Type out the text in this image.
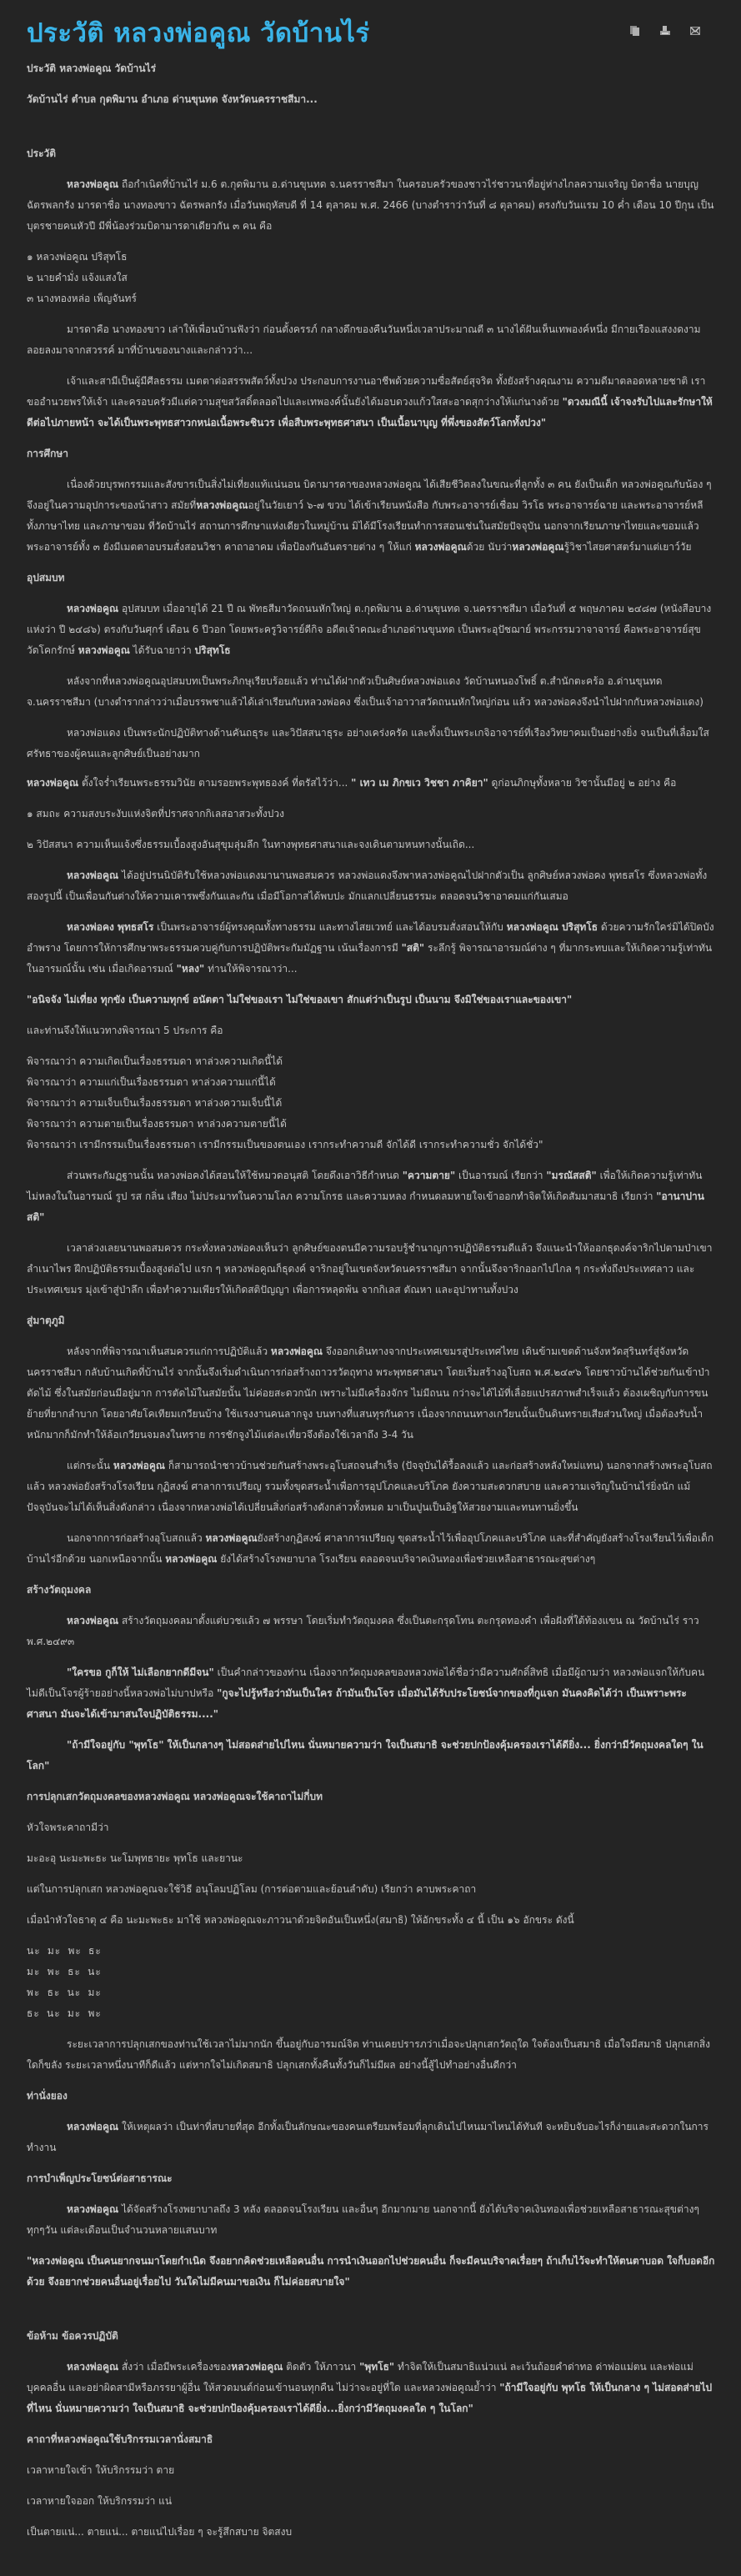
ประวัติ หลวงพ่อคูณ วัดบ้านไร่

ประวัติ หลวงพ่อคูณ วัดบ้านไร่

วัดบ้านไร่ ตำบล กุดพิมาน อำเภอ ด่านขุนทด จังหวัดนครราชสีมา...

ประวัติ

หลวงพ่อคูณ ถือกำเนิดที่บ้านไร่ ม.6 ต.กุดพิมาน อ.ด่านขุนทด จ.นครราชสีมา ในครอบครัวของชาวไร่ชาวนาที่อยู่ห่างไกลความเจริญ บิดาชื่อ นายบุญ ฉัตรพลกรัง มารดาชื่อ นางทองขาว ฉัตรพลกรัง เมื่อวันพฤหัสบดี ที่ 14 ตุลาคม พ.ศ. 2466 (บางตำราว่าวันที่ ๘ ตุลาคม) ตรงกับวันแรม 10 ค่ำ เดือน 10 ปีกุน เป็นบุตรชายคนหัวปี มีพี่น้องร่วมบิดามารดาเดียวกัน ๓ คน คือ

๑ หลวงพ่อคูณ ปริสุทโธ

๒ นายคำมั่ง แจ้งแสงใส

๓ นางทองหล่อ เพ็ญจันทร์

มารดาคือ นางทองขาว เล่าให้เพื่อนบ้านฟังว่า ก่อนตั้งครรภ์ กลางดึกของคืนวันหนึ่งเวลาประมาณตี ๓ นางได้ฝันเห็นเทพองค์หนึ่ง มีกายเรืองแสงงดงาม ลอยลงมาจากสวรรค์ มาที่บ้านของนางและกล่าวว่า...

เจ้าและสามีเป็นผู้มีศีลธรรม เมตตาต่อสรรพสัตว์ทั้งปวง ประกอบการงานอาชีพด้วยความซื่อสัตย์สุจริต ทั้งยังสร้างคุณงาม ความดีมาตลอดหลายชาติ เราขออำนวยพรให้เจ้า และครอบครัวมีแต่ความสุขสวัสดิ์ตลอดไปและเทพองค์นั้นยังได้มอบดวงแก้วใสสะอาดสุกว่างให้แก่นางด้วย "ดวงมณีนี้ เจ้าจงรับไปและรักษาให้ดีต่อไปภายหน้า จะได้เป็นพระพุทธสาวกหน่อเนื้อพระชินวร เพื่อสืบพระพุทธศาสนา เป็นเนื้อนาบุญ ที่พึ่งของสัตว์โลกทั้งปวง"

การศึกษา

เนื่องด้วยบุรพกรรมและสังขารเป็นสิ่งไม่เที่ยงแท้แน่นอน บิดามารดาของหลวงพ่อคูณ ได้เสียชีวิตลงในขณะที่ลูกทั้ง ๓ คน ยังเป็นเด็ก หลวงพ่อคูณกับน้อง ๆ จึงอยู่ในความอุปการะของน้าสาว สมัยที่หลวงพ่อคูณอยู่ในวัยเยาว์ ๖-๗ ขวบ ได้เข้าเรียนหนังสือ กับพระอาจารย์เชื่อม วิรโธ พระอาจารย์ฉาย และพระอาจารย์หลี ทั้งภาษาไทย และภาษาขอม ที่วัดบ้านไร่ สถานการศึกษาแห่งเดียวในหมู่บ้าน มิได้มีโรงเรียนทำการสอนเช่นในสมัยปัจจุบัน นอกจากเรียนภาษาไทยและขอมแล้ว พระอาจารย์ทั้ง ๓ ยังมีเมตตาอบรมสั่งสอนวิชา คาถาอาคม เพื่อป้องกันอันตรายต่าง ๆ ให้แก่ หลวงพ่อคูณด้วย นับว่าหลวงพ่อคูณรู้วิชาไสยศาสตร์มาแต่เยาว์วัย

อุปสมบท

หลวงพ่อคูณ อุปสมบท เมื่ออายุได้ 21 ปี ณ พัทธสีมาวัดถนนหักใหญ่ ต.กุดพิมาน อ.ด่านขุนทด จ.นครราชสีมา เมื่อวันที่ ๕ พฤษภาคม ๒๔๘๗ (หนังสือบางแห่งว่า ปี ๒๔๘๖) ตรงกับวันศุกร์ เดือน 6 ปีวอก โดยพระครูวิจารย์ดีกิจ อดีตเจ้าคณะอำเภอด่านขุนทด เป็นพระอุปัชฌาย์ พระกรรมวาจาจารย์ คือพระอาจารย์สุข วัดโคกรักษ์ หลวงพ่อคูณ ได้รับฉายาว่า ปริสุทโธ

หลังจากที่หลวงพ่อคูณอุปสมบทเป็นพระภิกษุเรียบร้อยแล้ว ท่านได้ฝากตัวเป็นศิษย์หลวงพ่อแดง วัดบ้านหนองโพธิ์ ต.สำนักตะคร้อ อ.ด่านขุนทด จ.นครราชสีมา (บางตำรากล่าวว่าเมื่อบรรพชาแล้วได้เล่าเรียนกับหลวงพ่อคง ซึ่งเป็นเจ้าอาวาสวัดถนนหักใหญ่ก่อน แล้ว หลวงพ่อคงจึงนำไปฝากกับหลวงพ่อแดง)

หลวงพ่อแดง เป็นพระนักปฏิบัติทางด้านคันถธุระ และวิปัสสนาธุระ อย่างเคร่งครัด และทั้งเป็นพระเกจิอาจารย์ที่เรืองวิทยาคมเป็นอย่างยิ่ง จนเป็นที่เลื่อมใสศรัทธาของผู้คนและลูกศิษย์เป็นอย่างมาก

หลวงพ่อคูณ ตั้งใจร่ำเรียนพระธรรมวินัย ตามรอยพระพุทธองค์ ที่ตรัสไว้ว่า... " เทว เม ภิกขเว วิชชา ภาคิยา" ดูก่อนภิกษุทั้งหลาย วิชานั้นมีอยู่ ๒ อย่าง คือ

๑ สมถะ ความสงบระงับแห่งจิตที่ปราศจากกิเลสอาสวะทั้งปวง

๒ วิปัสสนา ความเห็นแจ้งซึ่งธรรมเบื้องสูงอันสุขุมลุ่มลึก ในทางพุทธศาสนาและจงเดินตามหนทางนั้นเถิด...

หลวงพ่อคูณ ได้อยู่ปรนนิบัติรับใช้หลวงพ่อแดงมานานพอสมควร หลวงพ่อแดงจึงพาหลวงพ่อคูณไปฝากตัวเป็น ลูกศิษย์หลวงพ่อคง พุทธสโร ซึ่งหลวงพ่อทั้งสองรูปนี้ เป็นเพื่อนกันต่างให้ความเคารพซึ่งกันและกัน เมื่อมีโอกาสได้พบปะ มักแลกเปลี่ยนธรรมะ ตลอดจนวิชาอาคมแก่กันเสมอ

หลวงพ่อคง พุทธสโร เป็นพระอาจารย์ผู้ทรงคุณทั้งทางธรรม และทางไสยเวทย์ และได้อบรมสั่งสอนให้กับ หลวงพ่อคูณ ปริสุทโธ ด้วยความรักใคร่มิได้ปิดบังอำพราง โดยการให้การศึกษาพระธรรมควบคู่กับการปฏิบัติพระกัมมัฏฐาน เน้นเรื่องการมี "สติ" ระลึกรู้ พิจารณาอารมณ์ต่าง ๆ ที่มากระทบและให้เกิดความรู้เท่าทัน ในอารมณ์นั้น เช่น เมื่อเกิดอารมณ์ "หลง" ท่านให้พิจารณาว่า...

"อนิจจัง ไม่เที่ยง ทุกขัง เป็นความทุกข์ อนัตตา ไม่ใช่ของเรา ไม่ใช่ของเขา สักแต่ว่าเป็นรูป เป็นนาม จึงมิใช่ของเราและของเขา"

และท่านจึงให้แนวทางพิจารณา 5 ประการ คือ

พิจารณาว่า ความเกิดเป็นเรื่องธรรมดา หาล่วงความเกิดนี้ได้

พิจารณาว่า ความแก่เป็นเรื่องธรรมดา หาล่วงความแก่นี้ได้

พิจารณาว่า ความเจ็บเป็นเรื่องธรรมดา หาล่วงความเจ็บนี้ได้

พิจารณาว่า ความตายเป็นเรื่องธรรมดา หาล่วงความตายนี้ได้

พิจารณาว่า เรามีกรรมเป็นเรื่องธรรมดา เรามีกรรมเป็นของตนเอง เรากระทำความดี จักได้ดี เรากระทำความชั่ว จักได้ชั่ว"

ส่วนพระกัมฏฐานนั้น หลวงพ่อคงได้สอนให้ใช้หมวดอนุสติ โดยดึงเอาวิธีกำหนด "ความตาย" เป็นอารมณ์ เรียกว่า "มรณัสสติ" เพื่อให้เกิดความรู้เท่าทัน ไม่หลงในในอารมณ์ รูป รส กลิ่น เสียง ไม่ประมาทในความโลภ ความโกรธ และความหลง กำหนดลมหายใจเข้าออกทำจิตให้เกิดสัมมาสมาธิ เรียกว่า "อานาปานสติ"

เวลาล่วงเลยนานพอสมควร กระทั่งหลวงพ่อคงเห็นว่า ลูกศิษย์ของตนมีความรอบรู้ชำนาญการปฏิบัติธรรมดีแล้ว จึงแนะนำให้ออกธุดงค์จาริกไปตามป่าเขาลำเนาไพร ฝึกปฏิบัติธรรมเบื้องสูงต่อไป แรก ๆ หลวงพ่อคูณก็ธุดงค์ จาริกอยู่ในเขตจังหวัดนครราชสีมา จากนั้นจึงจาริกออกไปไกล ๆ กระทั่งถึงประเทศลาว และประเทศเขมร มุ่งเข้าสู่ป่าลึก เพื่อทำความเพียรให้เกิดสติปัญญา เพื่อการหลุดพ้น จากกิเลส ตัณหา และอุปาทานทั้งปวง

สู่มาตุภูมิ

หลังจากที่พิจารณาเห็นสมควรแก่การปฏิบัติแล้ว หลวงพ่อคูณ จึงออกเดินทางจากประเทศเขมรสู่ประเทศไทย เดินข้ามเขตด้านจังหวัดสุรินทร์สู่จังหวัดนครราชสีมา กลับบ้านเกิดที่บ้านไร่ จากนั้นจึงเริ่มดำเนินการก่อสร้างถาวรวัตถุทาง พระพุทธศาสนา โดยเริ่มสร้างอุโบสถ พ.ศ.๒๔๙๖ โดยชาวบ้านได้ช่วยกันเข้าป่าตัดไม้ ซึ่งในสมัยก่อนมีอยู่มาก การตัดไม้ในสมัยนั้น ไม่ค่อยสะดวกนัก เพราะไม่มีเครื่องจักร ไม่มีถนน กว่าจะได้ไม้ที่เลื่อยแปรสภาพสำเร็จแล้ว ต้องเผชิญกับการขนย้ายที่ยากลำบาก โดยอาศัยโคเทียมเกวียนบ้าง ใช้แรงงานคนลากจูง บนทางที่แสนทุรกันดาร เนื่องจากถนนทางเกวียนนั้นเป็นดินทรายเสียส่วนใหญ่ เมื่อต้องรับน้ำหนักมากก็มักทำให้ล้อเกวียนจมลงในทราย การชักจูงไม้แต่ละเที่ยวจึงต้องใช้เวลาถึง 3-4 วัน

แต่กระนั้น หลวงพ่อคูณ ก็สามารถนำชาวบ้านช่วยกันสร้างพระอุโบสถจนสำเร็จ (ปัจจุบันได้รื้อลงแล้ว และก่อสร้างหลังใหม่แทน) นอกจากสร้างพระอุโบสถแล้ว หลวงพ่อยังสร้างโรงเรียน กุฏิสงฆ์ ศาลาการเปรียญ รวมทั้งขุดสระน้ำเพื่อการอุปโภคและบริโภค ยังความสะดวกสบาย และความเจริญในบ้านไร่ยิ่งนัก แม้ปัจจุบันจะไม่ได้เห็นสิ่งดังกล่าว เนื่องจากหลวงพ่อได้เปลี่ยนสิ่งก่อสร้างดังกล่าวทั้งหมด มาเป็นปูนเป็นอิฐให้สวยงามและทนทานยิ่งขึ้น

นอกจากการก่อสร้างอุโบสถแล้ว หลวงพ่อคูณยังสร้างกุฏิสงฆ์ ศาลาการเปรียญ ขุดสระน้ำไว้เพื่ออุปโภคและบริโภค และที่สำคัญยังสร้างโรงเรียนไว้เพื่อเด็กบ้านไร่อีกด้วย นอกเหนือจากนั้น หลวงพ่อคูณ ยังได้สร้างโรงพยาบาล โรงเรียน ตลอดจนบริจาคเงินทองเพื่อช่วยเหลือสาธารณะสุขต่างๆ

สร้างวัตถุมงคล

หลวงพ่อคูณ สร้างวัตถุมงคลมาตั้งแต่บวชแล้ว ๗ พรรษา โดยเริ่มทำวัตถุมงคล ซึ่งเป็นตะกรุดโทน ตะกรุดทองคำ เพื่อฝังที่ใต้ท้องแขน ณ วัดบ้านไร่ ราว พ.ศ.๒๔๙๓

"ใครขอ กูก็ให้ ไม่เลือกยากดีมีจน" เป็นคำกล่าวของท่าน เนื่องจากวัตถุมงคลของหลวงพ่อได้ชื่อว่ามีความศักดิ์สิทธิ เมื่อมีผู้ถามว่า หลวงพ่อแจกให้กับคนไม่ดีเป็นโจรผู้ร้ายอย่างนี้หลวงพ่อไม่บาปหรือ "กูจะไปรู้หรือว่ามันเป็นใคร ถ้ามันเป็นโจร เมื่อมันได้รับประโยชน์จากของที่กูแจก มันคงคิดได้ว่า เป็นเพราะพระศาสนา มันจะได้เข้ามาสนใจปฏิบัติธรรม...."

"ถ้ามีใจอยู่กับ "พุทโธ" ให้เป็นกลางๆ ไม่สอดส่ายไปไหน นั่นหมายความว่า ใจเป็นสมาธิ จะช่วยปกป้องคุ้มครองเราได้ดียิ่ง... ยิ่งกว่ามีวัตถุมงคลใดๆ ในโลก"

การปลุกเสกวัตถุมงคลของหลวงพ่อคูณ หลวงพ่อคูณจะใช้คาถาไม่กี่บท

หัวใจพระคาถามีว่า

มะอะอุ นะมะพะธะ นะโมพุทธายะ พุทโธ และยานะ

แต่ในการปลุกเสก หลวงพ่อคูณจะใช้วิธี อนุโลมปฏิโลม (การต่อตามและย้อนลำดับ) เรียกว่า คาบพระคาถา

เมื่อนำหัวใจธาตุ ๔ คือ นะมะพะธะ มาใช้ หลวงพ่อคูณจะภาวนาด้วยจิตอันเป็นหนึ่ง(สมาธิ) ให้อักขระทั้ง ๔ นี้ เป็น ๑๖ อักขระ ดังนี้

นะ มะ พะ ธะ

มะ พะ ธะ นะ

พะ ธะ นะ มะ

ธะ นะ มะ พะ

ระยะเวลาการปลุกเสกของท่านใช้เวลาไม่มากนัก ขึ้นอยู่กับอารมณ์จิต ท่านเคยปรารภว่าเมื่อจะปลุกเสกวัตถุใด ใจต้องเป็นสมาธิ เมื่อใจมีสมาธิ ปลุกเสกสิ่งใดก็ขลัง ระยะเวลาหนึ่งนาทีก็ดีแล้ว แต่หากใจไม่เกิดสมาธิ ปลุกเสกทั้งคืนทั้งวันก็ไม่มีผล อย่างนี้สู้ไปทำอย่างอื่นดีกว่า

ท่านั่งยอง

หลวงพ่อคูณ ให้เหตุผลว่า เป็นท่าที่สบายที่สุด อีกทั้งเป็นลักษณะของคนเตรียมพร้อมที่ลุกเดินไปไหนมาไหนได้ทันที จะหยิบจับอะไรก็ง่ายและสะดวกในการทำงาน

การบำเพ็ญประโยชน์ต่อสาธารณะ

หลวงพ่อคูณ ได้จัดสร้างโรงพยาบาลถึง 3 หลัง ตลอดจนโรงเรียน และอื่นๆ อีกมากมาย นอกจากนี้ ยังได้บริจาคเงินทองเพื่อช่วยเหลือสาธารณะสุขต่างๆ ทุกๆวัน แต่ละเดือนเป็นจำนวนหลายแสนบาท

"หลวงพ่อคูณ เป็นคนยากจนมาโดยกำเนิด จึงอยากคิดช่วยเหลือคนอื่น การนำเงินออกไปช่วยคนอื่น ก็จะมีคนบริจาคเรื่อยๆ ถ้าเก็บไว้จะทำให้ตนตาบอด ใจก็บอดอีกด้วย จึงอยากช่วยคนอื่นอยู่เรื่อยไป วันใดไม่มีคนมาขอเงิน ก็ไม่ค่อยสบายใจ"

ข้อห้าม ข้อควรปฏิบัติ

หลวงพ่อคูณ สั่งว่า เมื่อมีพระเครื่องของหลวงพ่อคูณ ติดตัว ให้ภาวนา "พุทโธ" ทำจิตให้เป็นสมาธิแน่วแน่ ละเว้นถ้อยคำด่าทอ ด่าพ่อแม่ตน และพ่อแม่บุคคลอื่น และอย่าผิดสามีหรือภรรยาผู้อื่น ให้สวดมนต์ก่อนเข้านอนทุกคืน ไม่ว่าจะอยู่ที่ใด และหลวงพ่อคูณย้ำว่า "ถ้ามีใจอยู่กับ พุทโธ ให้เป็นกลาง ๆ ไม่สอดส่ายไปที่ไหน นั่นหมายความว่า ใจเป็นสมาธิ จะช่วยปกป้องคุ้มครองเราได้ดียิ่ง...ยิ่งกว่ามีวัตถุมงคลใด ๆ ในโลก"

คาถาที่หลวงพ่อคูณใช้บริกรรมเวลานั่งสมาธิ

เวลาหายใจเข้า ให้บริกรรมว่า ตาย

เวลาหายใจออก ให้บริกรรมว่า แน่

เป็นตายแน่... ตายแน่... ตายแน่ไปเรื่อย ๆ จะรู้สึกสบาย จิตสงบ
